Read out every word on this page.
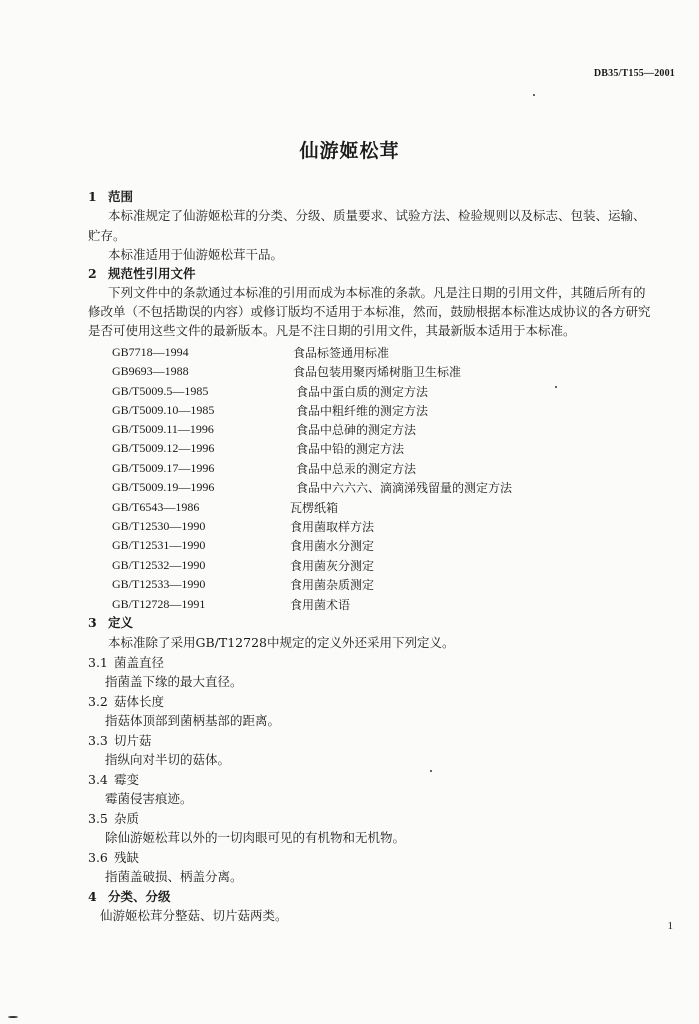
DB35/T155—2001
仙游姬松茸
1 范围
本标准规定了仙游姬松茸的分类、分级、质量要求、试验方法、检验规则以及标志、包装、运输、
贮存。
本标准适用于仙游姬松茸干品。
2 规范性引用文件
下列文件中的条款通过本标准的引用而成为本标准的条款。凡是注日期的引用文件，其随后所有的
修改单（不包括勘误的内容）或修订版均不适用于本标准，然而，鼓励根据本标准达成协议的各方研究
是否可使用这些文件的最新版本。凡是不注日期的引用文件，其最新版本适用于本标准。
GB7718—1994	食品标签通用标准
GB9693—1988	食品包装用聚丙烯树脂卫生标准
GB/T5009.5—1985	食品中蛋白质的测定方法
GB/T5009.10—1985	食品中粗纤维的测定方法
GB/T5009.11—1996	食品中总砷的测定方法
GB/T5009.12—1996	食品中铅的测定方法
GB/T5009.17—1996	食品中总汞的测定方法
GB/T5009.19—1996	食品中六六六、滴滴涕残留量的测定方法
GB/T6543—1986	瓦楞纸箱
GB/T12530—1990	食用菌取样方法
GB/T12531—1990	食用菌水分测定
GB/T12532—1990	食用菌灰分测定
GB/T12533—1990	食用菌杂质测定
GB/T12728—1991	食用菌术语
3 定义
本标准除了采用GB/T12728中规定的定义外还采用下列定义。
3.1 菌盖直径
指菌盖下缘的最大直径。
3.2 菇体长度
指菇体顶部到菌柄基部的距离。
3.3 切片菇
指纵向对半切的菇体。
3.4 霉变
霉菌侵害痕迹。
3.5 杂质
除仙游姬松茸以外的一切肉眼可见的有机物和无机物。
3.6 残缺
指菌盖破损、柄盖分离。
4 分类、分级
仙游姬松茸分整菇、切片菇两类。
1
